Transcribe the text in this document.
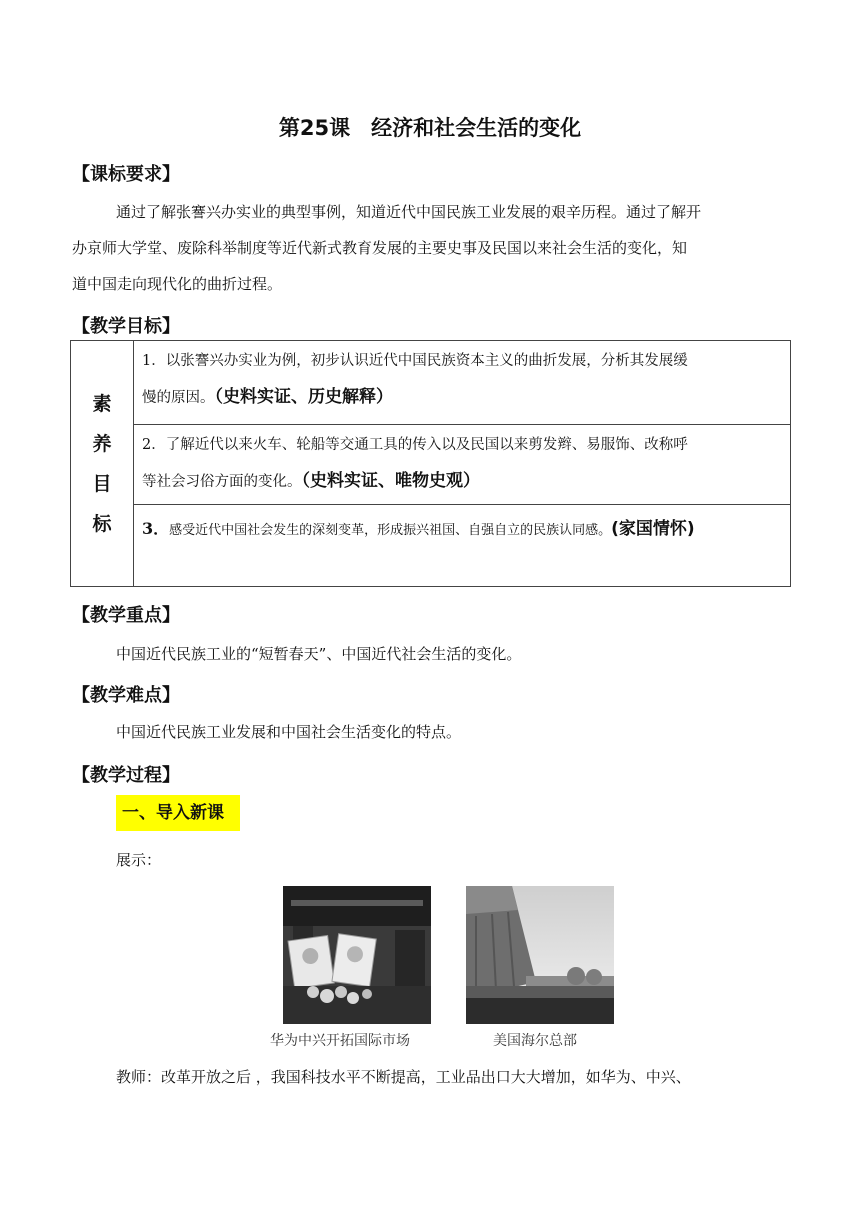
第25课　经济和社会生活的变化
【课标要求】
通过了解张謇兴办实业的典型事例，知道近代中国民族工业发展的艰辛历程。通过了解开
办京师大学堂、废除科举制度等近代新式教育发展的主要史事及民国以来社会生活的变化，知
道中国走向现代化的曲折过程。
【教学目标】
素
养
目
标

1．以张謇兴办实业为例，初步认识近代中国民族资本主义的曲折发展，分析其发展缓
慢的原因。（史料实证、历史解释）

2．了解近代以来火车、轮船等交通工具的传入以及民国以来剪发辫、易服饰、改称呼
等社会习俗方面的变化。（史料实证、唯物史观）

3．感受近代中国社会发生的深刻变革，形成振兴祖国、自强自立的民族认同感。(家国情怀)
【教学重点】
中国近代民族工业的“短暂春天”、中国近代社会生活的变化。
【教学难点】
中国近代民族工业发展和中国社会生活变化的特点。
【教学过程】
一、导入新课
展示：
华为中兴开拓国际市场	美国海尔总部
教师：改革开放之后 ，我国科技水平不断提高，工业品出口大大增加，如华为、中兴、
